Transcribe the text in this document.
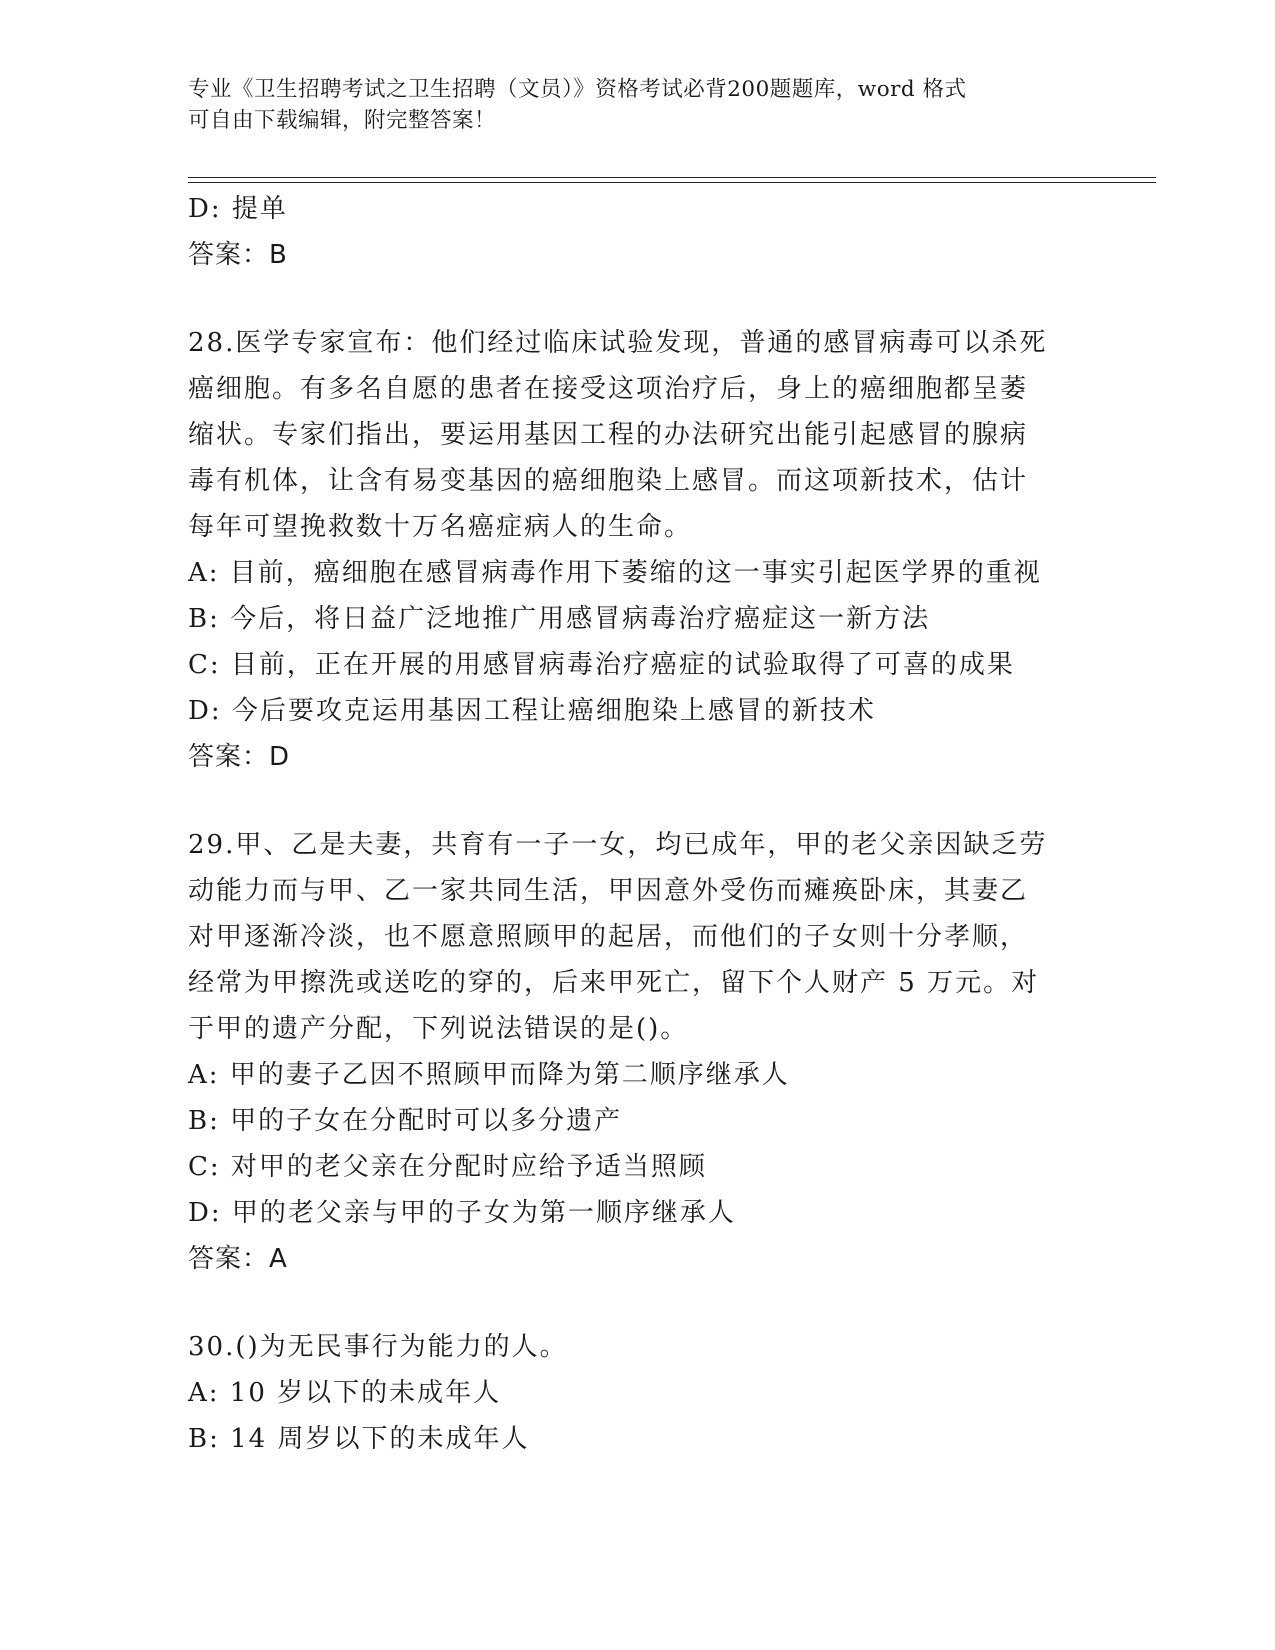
专业《卫生招聘考试之卫生招聘（文员）》资格考试必背200题题库，word 格式
可自由下载编辑，附完整答案！
D: 提单
答案：B
28.医学专家宣布：他们经过临床试验发现，普通的感冒病毒可以杀死
癌细胞。有多名自愿的患者在接受这项治疗后，身上的癌细胞都呈萎
缩状。专家们指出，要运用基因工程的办法研究出能引起感冒的腺病
毒有机体，让含有易变基因的癌细胞染上感冒。而这项新技术，估计
每年可望挽救数十万名癌症病人的生命。
A: 目前，癌细胞在感冒病毒作用下萎缩的这一事实引起医学界的重视
B: 今后，将日益广泛地推广用感冒病毒治疗癌症这一新方法
C: 目前，正在开展的用感冒病毒治疗癌症的试验取得了可喜的成果
D: 今后要攻克运用基因工程让癌细胞染上感冒的新技术
答案：D
29.甲、乙是夫妻，共育有一子一女，均已成年，甲的老父亲因缺乏劳
动能力而与甲、乙一家共同生活，甲因意外受伤而瘫痪卧床，其妻乙
对甲逐渐冷淡，也不愿意照顾甲的起居，而他们的子女则十分孝顺，
经常为甲擦洗或送吃的穿的，后来甲死亡，留下个人财产 5 万元。对
于甲的遗产分配，下列说法错误的是()。
A: 甲的妻子乙因不照顾甲而降为第二顺序继承人
B: 甲的子女在分配时可以多分遗产
C: 对甲的老父亲在分配时应给予适当照顾
D: 甲的老父亲与甲的子女为第一顺序继承人
答案：A
30.()为无民事行为能力的人。
A: 10 岁以下的未成年人
B: 14 周岁以下的未成年人
